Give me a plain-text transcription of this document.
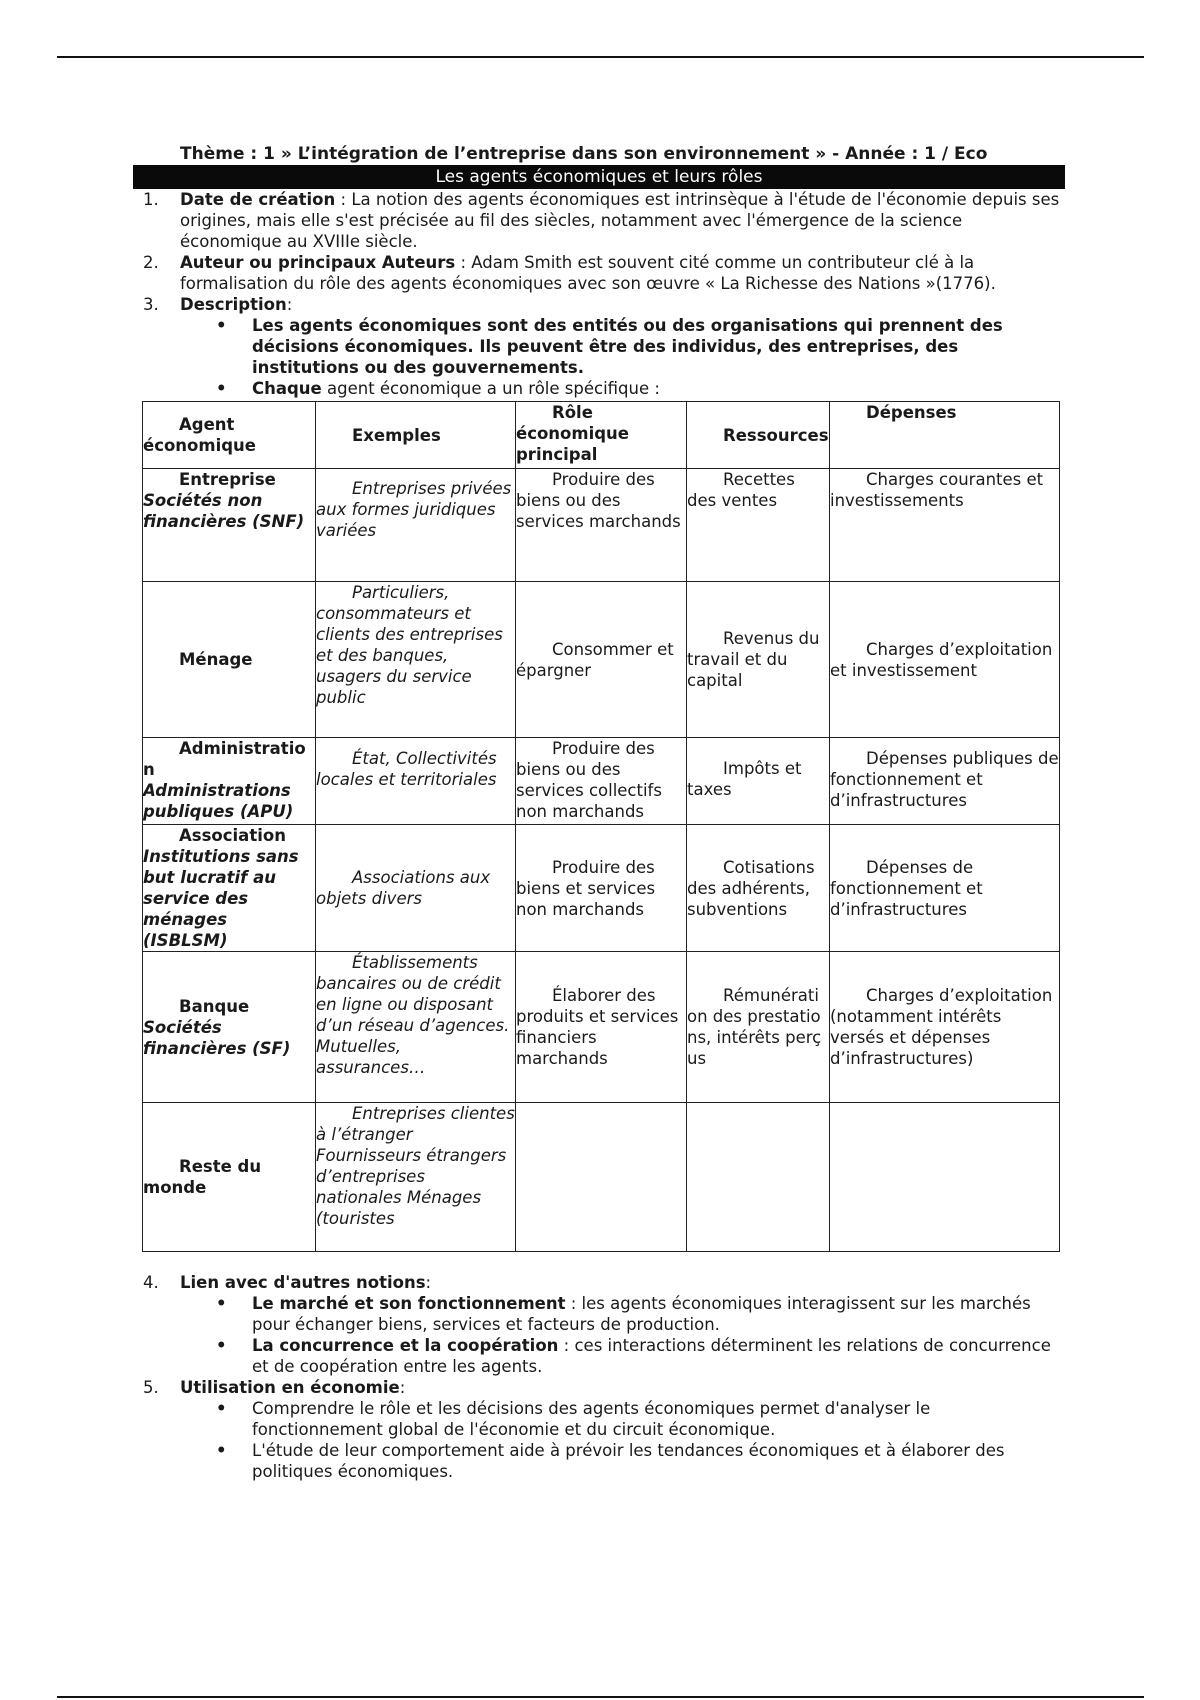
Thème : 1 » L’intégration de l’entreprise dans son environnement » - Année : 1 / Eco
Les agents économiques et leurs rôles
1. Date de création : La notion des agents économiques est intrinsèque à l'étude de l'économie depuis ses origines, mais elle s'est précisée au fil des siècles, notamment avec l'émergence de la science économique au XVIIIe siècle.
2. Auteur ou principaux Auteurs : Adam Smith est souvent cité comme un contributeur clé à la formalisation du rôle des agents économiques avec son œuvre « La Richesse des Nations »(1776).
3. Description:
• Les agents économiques sont des entités ou des organisations qui prennent des décisions économiques. Ils peuvent être des individus, des entreprises, des institutions ou des gouvernements.
• Chaque agent économique a un rôle spécifique :
Agent économique	Exemples	Rôle économique principal	Ressources	Dépenses

Entreprise
Sociétés non financières (SNF)	Entreprises privées aux formes juridiques variées	Produire des biens ou des services marchands	Recettes des ventes	Charges courantes et investissements

Ménage	Particuliers, consommateurs et clients des entreprises et des banques, usagers du service public	Consommer et épargner	Revenus du travail et du capital	Charges d’exploitation et investissement

Administration
Administrations publiques (APU)	État, Collectivités locales et territoriales	Produire des biens ou des services collectifs non marchands	Impôts et taxes	Dépenses publiques de fonctionnement et d’infrastructures

Association
Institutions sans but lucratif au service des ménages (ISBLSM)	Associations aux objets divers	Produire des biens et services non marchands	Cotisations des adhérents, subventions	Dépenses de fonctionnement et d’infrastructures

Banque
Sociétés financières (SF)	Établissements bancaires ou de crédit en ligne ou disposant d’un réseau d’agences. Mutuelles, assurances…	Élaborer des produits et services financiers marchands	Rémunération des prestations, intérêts perçus	Charges d’exploitation (notamment intérêts versés et dépenses d’infrastructures)

Reste du monde	Entreprises clientes à l’étranger Fournisseurs étrangers d’entreprises nationales Ménages (touristes			

4. Lien avec d'autres notions:
• Le marché et son fonctionnement : les agents économiques interagissent sur les marchés pour échanger biens, services et facteurs de production.
• La concurrence et la coopération : ces interactions déterminent les relations de concurrence et de coopération entre les agents.
5. Utilisation en économie:
• Comprendre le rôle et les décisions des agents économiques permet d'analyser le fonctionnement global de l'économie et du circuit économique.
• L'étude de leur comportement aide à prévoir les tendances économiques et à élaborer des politiques économiques.
